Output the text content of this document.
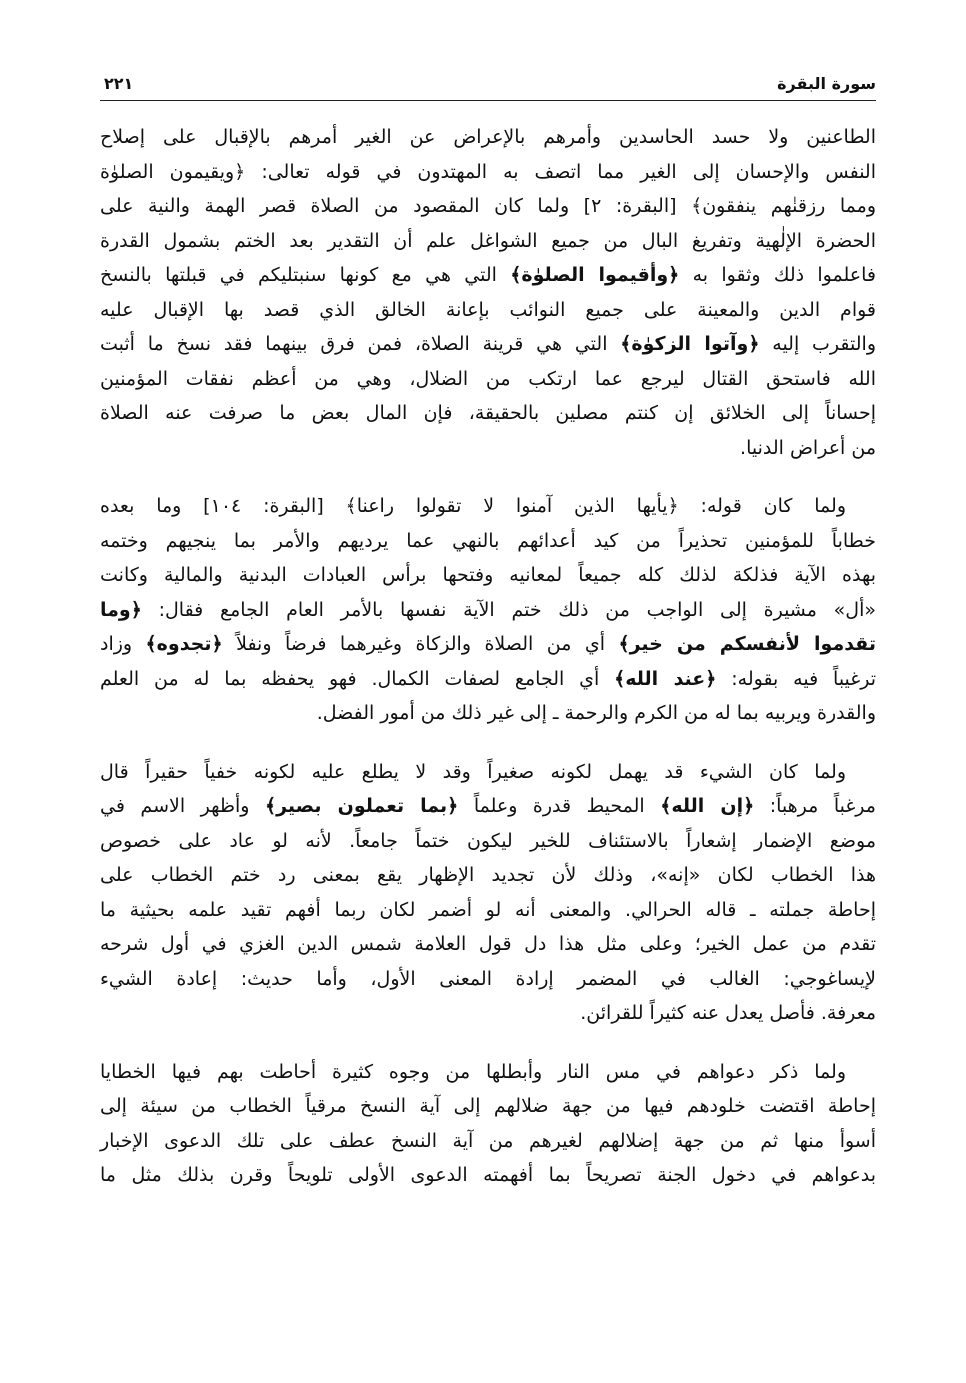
سورة البقرة
٢٢١
الطاعنين ولا حسد الحاسدين وأمرهم بالإعراض عن الغير أمرهم بالإقبال على إصلاح
النفس والإحسان إلى الغير مما اتصف به المهتدون في قوله تعالى: ﴿ويقيمون الصلوٰة
ومما رزقنٰهم ينفقون﴾ [البقرة: ٢] ولما كان المقصود من الصلاة قصر الهمة والنية على
الحضرة الإلٰهية وتفريغ البال من جميع الشواغل علم أن التقدير بعد الختم بشمول القدرة
فاعلموا ذلك وثقوا به ﴿وأقيموا الصلوٰة﴾ التي هي مع كونها سنبتليكم في قبلتها بالنسخ
قوام الدين والمعينة على جميع النوائب بإعانة الخالق الذي قصد بها الإقبال عليه
والتقرب إليه ﴿وآتوا الزكوٰة﴾ التي هي قرينة الصلاة، فمن فرق بينهما فقد نسخ ما أثبت
الله فاستحق القتال ليرجع عما ارتكب من الضلال، وهي من أعظم نفقات المؤمنين
إحساناً إلى الخلائق إن كنتم مصلين بالحقيقة، فإن المال بعض ما صرفت عنه الصلاة
من أعراض الدنيا.
ولما كان قوله: ﴿يأيها الذين آمنوا لا تقولوا راعنا﴾ [البقرة: ١٠٤] وما بعده
خطاباً للمؤمنين تحذيراً من كيد أعدائهم بالنهي عما يرديهم والأمر بما ينجيهم وختمه
بهذه الآية فذلكة لذلك كله جميعاً لمعانيه وفتحها برأس العبادات البدنية والمالية وكانت
«أل» مشيرة إلى الواجب من ذلك ختم الآية نفسها بالأمر العام الجامع فقال: ﴿وما
تقدموا لأنفسكم من خير﴾ أي من الصلاة والزكاة وغيرهما فرضاً ونفلاً ﴿تجدوه﴾ وزاد
ترغيباً فيه بقوله: ﴿عند الله﴾ أي الجامع لصفات الكمال. فهو يحفظه بما له من العلم
والقدرة ويربيه بما له من الكرم والرحمة ـ إلى غير ذلك من أمور الفضل.
ولما كان الشيء قد يهمل لكونه صغيراً وقد لا يطلع عليه لكونه خفياً حقيراً قال
مرغباً مرهباً: ﴿إن الله﴾ المحيط قدرة وعلماً ﴿بما تعملون بصير﴾ وأظهر الاسم في
موضع الإضمار إشعاراً بالاستئناف للخير ليكون ختماً جامعاً. لأنه لو عاد على خصوص
هذا الخطاب لكان «إنه»، وذلك لأن تجديد الإظهار يقع بمعنى رد ختم الخطاب على
إحاطة جملته ـ قاله الحرالي. والمعنى أنه لو أضمر لكان ربما أفهم تقيد علمه بحيثية ما
تقدم من عمل الخير؛ وعلى مثل هذا دل قول العلامة شمس الدين الغزي في أول شرحه
لإيساغوجي: الغالب في المضمر إرادة المعنى الأول، وأما حديث: إعادة الشيء
معرفة. فأصل يعدل عنه كثيراً للقرائن.
ولما ذكر دعواهم في مس النار وأبطلها من وجوه كثيرة أحاطت بهم فيها الخطايا
إحاطة اقتضت خلودهم فيها من جهة ضلالهم إلى آية النسخ مرقياً الخطاب من سيئة إلى
أسوأ منها ثم من جهة إضلالهم لغيرهم من آية النسخ عطف على تلك الدعوى الإخبار
بدعواهم في دخول الجنة تصريحاً بما أفهمته الدعوى الأولى تلويحاً وقرن بذلك مثل ما
